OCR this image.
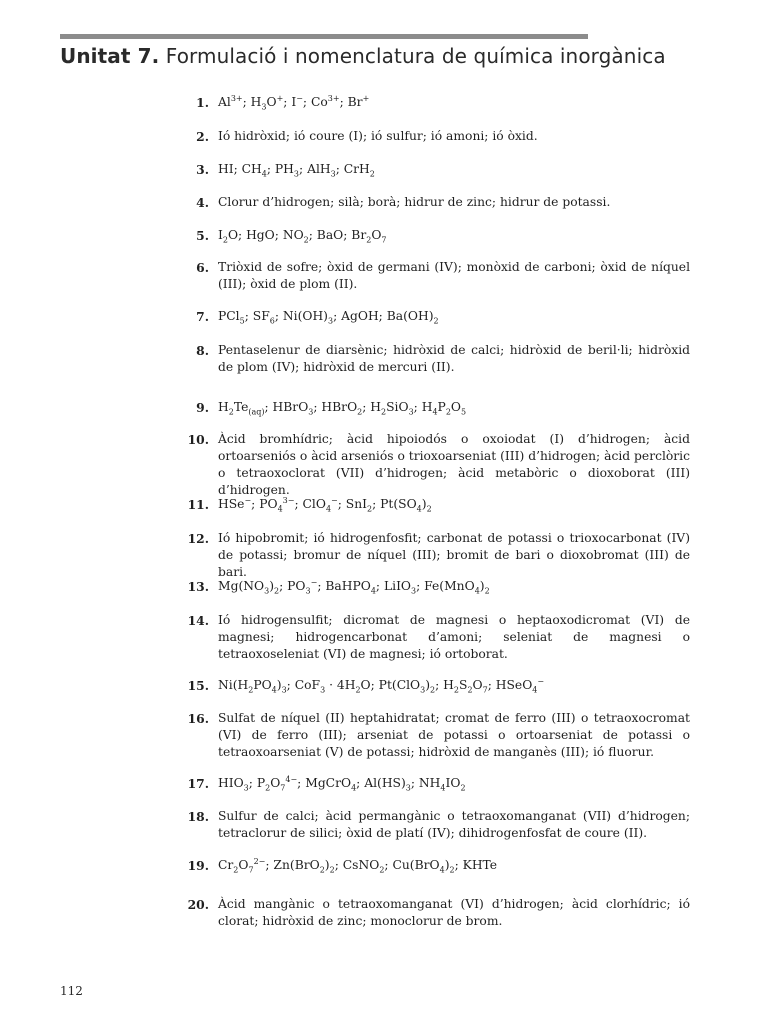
Unitat 7. Formulació i nomenclatura de química inorgànica
1. $Al^{3+}$; $H_3O^+$; I−; $Co^{3+}$; Br+
2. Ió hidròxid; ió coure (I); ió sulfur; ió amoni; ió òxid.
3. HI; $CH_4$; $PH_3$; AlH$_3$; CrH$_2$
4. Clorur d’hidrogen; silà; borà; hidrur de zinc; hidrur de potassi.
5. $I_2O$; HgO; $NO_2$; BaO; $Br_2O_7$
6. Triòxid de sofre; òxid de germani (IV); monòxid de carboni; òxid de níquel (III); òxid de plom (II).
7. PCl$_5$; $SF_6$; $Ni(OH)_3$; AgOH; $Ba(OH)_2$
8. Pentaselenur de diarsènic; hidròxid de calci; hidròxid de beril·li; hidròxid de plom (IV); hidròxid de mercuri (II).
9. $H_2Te_{(aq)}$; HBrO$_3$; HBrO$_2$; $H_2SiO_3$; $H_4P_2O_5$
10. Àcid bromhídric; àcid hipoiodós o oxoiodat (I) d’hidrogen; àcid ortoarseniós o àcid arseniós o trioxoarseniat (III) d’hidrogen; àcid perclòric o tetraoxoclorat (VII) d’hidrogen; àcid metabòric o dioxoborat (III) d’hidrogen.
11. HSe−; $PO_4^{3-}$; ClO$_4$−; SnI$_2$; $Pt(SO_4)_2$
12. Ió hipobromit; ió hidrogenfosfit; carbonat de potassi o trioxocarbonat (IV) de potassi; bromur de níquel (III); bromit de bari o dioxobromat (III) de bari.
13. $Mg(NO_3)_2$; $PO_3^-$; BaHPO$_4$; LiIO$_3$; $Fe(MnO_4)_2$
14. Ió hidrogensulfit; dicromat de magnesi o heptaoxodicromat (VI) de magnesi; hidrogencarbonat d’amoni; seleniat de magnesi o tetraoxoseleniat (VI) de magnesi; ió ortoborat.
15. $Ni(H_2PO_4)_3$; $CoF_3 \cdot 4H_2O$; $Pt(ClO_3)_2$; $H_2S_2O_7$; HSeO$_4$−
16. Sulfat de níquel (II) heptahidratat; cromat de ferro (III) o tetraoxocromat (VI) de ferro (III); arseniat de potassi o ortoarseniat de potassi o tetraoxoarseniat (V) de potassi; hidròxid de manganès (III); ió fluorur.
17. $HIO_3$; $P_2O_7^{4-}$; MgCrO$_4$; $Al(HS)_3$; $NH_4IO_2$
18. Sulfur de calci; àcid permangànic o tetraoxomanganat (VII) d’hidrogen; tetraclorur de silici; òxid de platí (IV); dihidrogenfosfat de coure (II).
19. $Cr_2O_7^{2-}$; $Zn(BrO_2)_2$; CsNO$_2$; $Cu(BrO_4)_2$; KHTe
20. Àcid mangànic o tetraoxomanganat (VI) d’hidrogen; àcid clorhídric; ió clorat; hidròxid de zinc; monoclorur de brom.
112
